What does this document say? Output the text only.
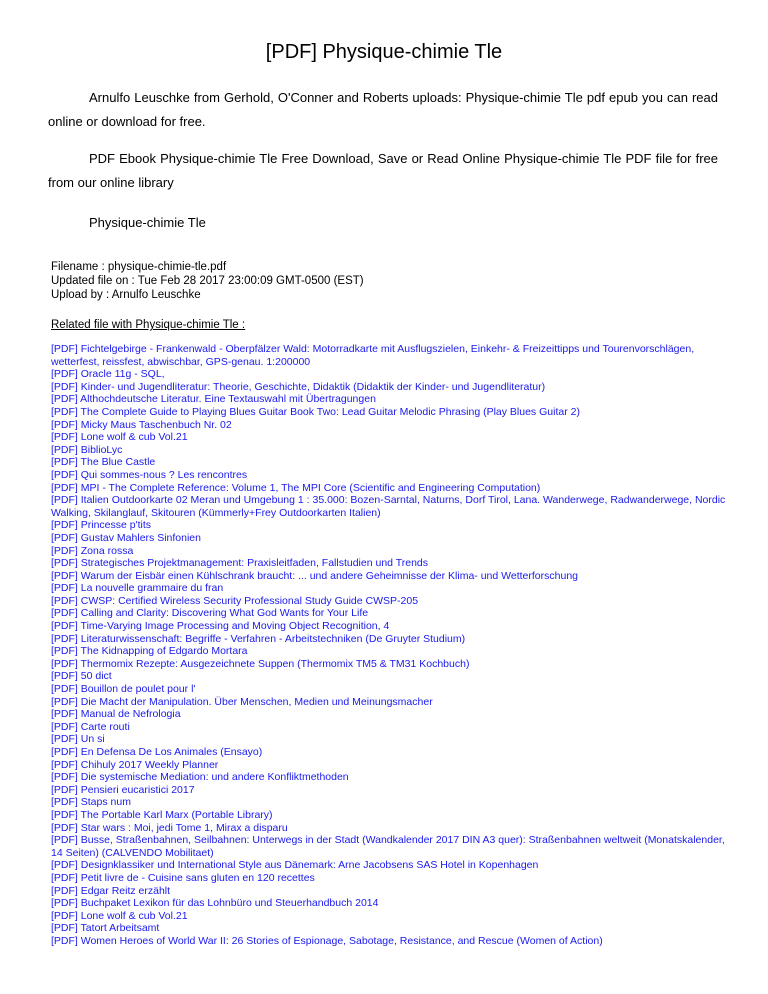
[PDF] Physique-chimie Tle
Arnulfo Leuschke from Gerhold, O'Conner and Roberts uploads: Physique-chimie Tle pdf epub you can read online or download for free.
PDF Ebook Physique-chimie Tle Free Download, Save or Read Online Physique-chimie Tle PDF file for free from our online library
Physique-chimie Tle
Filename : physique-chimie-tle.pdf
Updated file on : Tue Feb 28 2017 23:00:09 GMT-0500 (EST)
Upload by : Arnulfo Leuschke
Related file with Physique-chimie Tle :
[PDF] Fichtelgebirge - Frankenwald - Oberpfälzer Wald: Motorradkarte mit Ausflugszielen, Einkehr- & Freizeittipps und Tourenvorschlägen, wetterfest, reissfest, abwischbar, GPS-genau. 1:200000
[PDF] Oracle 11g - SQL,
[PDF] Kinder- und Jugendliteratur: Theorie, Geschichte, Didaktik (Didaktik der Kinder- und Jugendliteratur)
[PDF] Althochdeutsche Literatur. Eine Textauswahl mit Übertragungen
[PDF] The Complete Guide to Playing Blues Guitar Book Two: Lead Guitar Melodic Phrasing (Play Blues Guitar 2)
[PDF] Micky Maus Taschenbuch Nr. 02
[PDF] Lone wolf & cub Vol.21
[PDF] BiblioLyc
[PDF] The Blue Castle
[PDF] Qui sommes-nous ? Les rencontres
[PDF] MPI - The Complete Reference: Volume 1, The MPI Core (Scientific and Engineering Computation)
[PDF] Italien Outdoorkarte 02 Meran und Umgebung 1 : 35.000: Bozen-Sarntal, Naturns, Dorf Tirol, Lana. Wanderwege, Radwanderwege, Nordic Walking, Skilanglauf, Skitouren (Kümmerly+Frey Outdoorkarten Italien)
[PDF] Princesse p'tits
[PDF] Gustav Mahlers Sinfonien
[PDF] Zona rossa
[PDF] Strategisches Projektmanagement: Praxisleitfaden, Fallstudien und Trends
[PDF] Warum der Eisbär einen Kühlschrank braucht: ... und andere Geheimnisse der Klima- und Wetterforschung
[PDF] La nouvelle grammaire du fran
[PDF] CWSP: Certified Wireless Security Professional Study Guide CWSP-205
[PDF] Calling and Clarity: Discovering What God Wants for Your Life
[PDF] Time-Varying Image Processing and Moving Object Recognition, 4
[PDF] Literaturwissenschaft: Begriffe - Verfahren - Arbeitstechniken (De Gruyter Studium)
[PDF] The Kidnapping of Edgardo Mortara
[PDF] Thermomix Rezepte: Ausgezeichnete Suppen (Thermomix TM5 & TM31 Kochbuch)
[PDF] 50 dict
[PDF] Bouillon de poulet pour l'
[PDF] Die Macht der Manipulation. Über Menschen, Medien und Meinungsmacher
[PDF] Manual de Nefrologia
[PDF] Carte routi
[PDF] Un si
[PDF] En Defensa De Los Animales (Ensayo)
[PDF] Chihuly 2017 Weekly Planner
[PDF] Die systemische Mediation: und andere Konfliktmethoden
[PDF] Pensieri eucaristici 2017
[PDF] Staps num
[PDF] The Portable Karl Marx (Portable Library)
[PDF] Star wars : Moi, jedi Tome 1, Mirax a disparu
[PDF] Busse, Straßenbahnen, Seilbahnen: Unterwegs in der Stadt (Wandkalender 2017 DIN A3 quer): Straßenbahnen weltweit (Monatskalender, 14 Seiten) (CALVENDO Mobilitaet)
[PDF] Designklassiker und International Style aus Dänemark: Arne Jacobsens SAS Hotel in Kopenhagen
[PDF] Petit livre de - Cuisine sans gluten en 120 recettes
[PDF] Edgar Reitz erzählt
[PDF] Buchpaket Lexikon für das Lohnbüro und Steuerhandbuch 2014
[PDF] Lone wolf & cub Vol.21
[PDF] Tatort Arbeitsamt
[PDF] Women Heroes of World War II: 26 Stories of Espionage, Sabotage, Resistance, and Rescue (Women of Action)
